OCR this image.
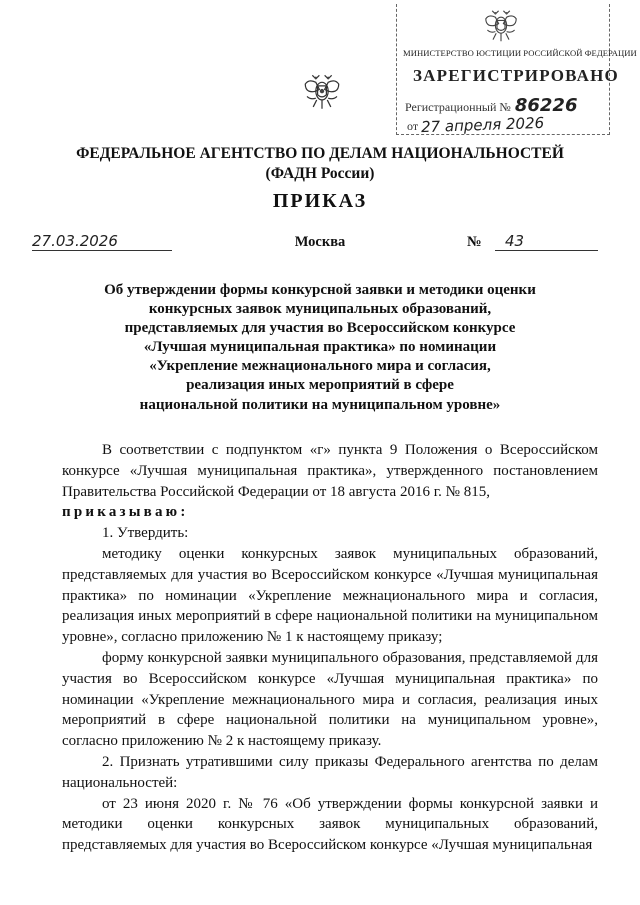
МИНИСТЕРСТВО ЮСТИЦИИ РОССИЙСКОЙ ФЕДЕРАЦИИ
ЗАРЕГИСТРИРОВАНО
Регистрационный № 86226
от 27 апреля 2026
ФЕДЕРАЛЬНОЕ АГЕНТСТВО ПО ДЕЛАМ НАЦИОНАЛЬНОСТЕЙ
(ФАДН России)
ПРИКАЗ
27.03.2026	Москва	№ 43
Об утверждении формы конкурсной заявки и методики оценки
конкурсных заявок муниципальных образований,
представляемых для участия во Всероссийском конкурсе
«Лучшая муниципальная практика» по номинации
«Укрепление межнационального мира и согласия,
реализация иных мероприятий в сфере
национальной политики на муниципальном уровне»

В соответствии с подпунктом «г» пункта 9 Положения о Всероссийском конкурсе «Лучшая муниципальная практика», утвержденного постановлением Правительства Российской Федерации от 18 августа 2016 г. № 815,
приказываю:

1. Утвердить:

методику оценки конкурсных заявок муниципальных образований, представляемых для участия во Всероссийском конкурсе «Лучшая муниципальная практика» по номинации «Укрепление межнационального мира и согласия, реализация иных мероприятий в сфере национальной политики на муниципальном уровне», согласно приложению № 1 к настоящему приказу;

форму конкурсной заявки муниципального образования, представляемой для участия во Всероссийском конкурсе «Лучшая муниципальная практика» по номинации «Укрепление межнационального мира и согласия, реализация иных мероприятий в сфере национальной политики на муниципальном уровне», согласно приложению № 2 к настоящему приказу.

2. Признать утратившими силу приказы Федерального агентства по делам национальностей:

от 23 июня 2020 г. № 76 «Об утверждении формы конкурсной заявки и методики оценки конкурсных заявок муниципальных образований, представляемых для участия во Всероссийском конкурсе «Лучшая муниципальная
